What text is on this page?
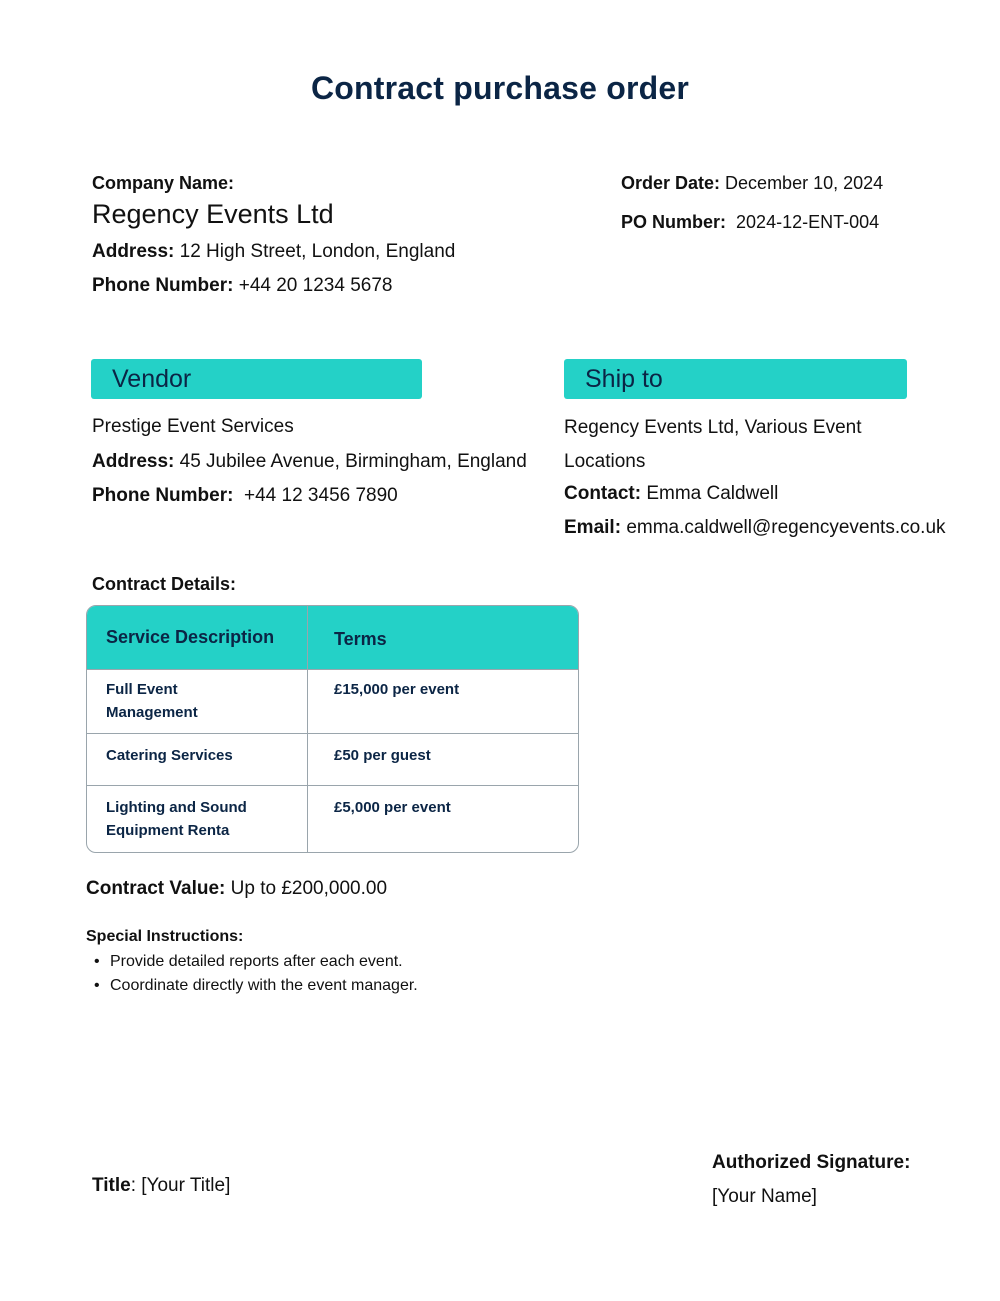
Contract purchase order
Company Name:
Regency Events Ltd
Address: 12 High Street, London, England
Phone Number: +44 20 1234 5678
Order Date: December 10, 2024
PO Number: 2024-12-ENT-004
Vendor
Prestige Event Services
Address: 45 Jubilee Avenue, Birmingham, England
Phone Number: +44 12 3456 7890
Ship to
Regency Events Ltd, Various Event
Locations
Contact: Emma Caldwell
Email: emma.caldwell@regencyevents.co.uk
Contract Details:
Service Description	Terms
Full Event Management	£15,000 per event
Catering Services	£50 per guest
Lighting and Sound Equipment Renta	£5,000 per event
Contract Value: Up to £200,000.00
Special Instructions:
• Provide detailed reports after each event.
• Coordinate directly with the event manager.
Title: [Your Title]
Authorized Signature:
[Your Name]
